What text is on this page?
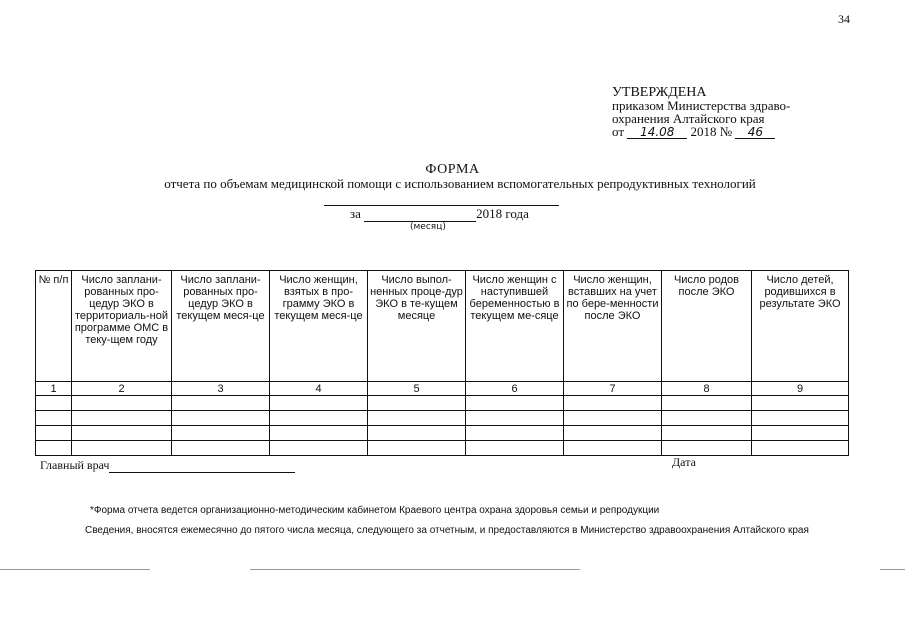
34
УТВЕРЖДЕНА
приказом Министерства здраво-
охранения Алтайского края
от 14.08 2018 № 46
ФОРМА
отчета по объемам медицинской помощи с использованием вспомогательных репродуктивных технологий
за	2018 года
(месяц)
№ п/п	Число заплани-рованных про-цедур ЭКО в территориаль-ной программе ОМС в теку-щем году	Число заплани-рованных про-цедур ЭКО в текущем меся-це	Число женщин, взятых в про-грамму ЭКО в текущем меся-це	Число выпол-ненных проце-дур ЭКО в те-кущем месяце	Число женщин с наступившей беременностью в текущем ме-сяце	Число женщин, вставших на учет по бере-менности после ЭКО	Число родов после ЭКО	Число детей, родившихся в результате ЭКО
1	2	3	4	5	6	7	8	9

Главный врач	Дата
*Форма отчета ведется организационно-методическим кабинетом Краевого центра охрана здоровья семьи и репродукции
Сведения, вносятся ежемесячно до пятого числа месяца, следующего за отчетным, и предоставляются в Министерство здравоохранения Алтайского края
